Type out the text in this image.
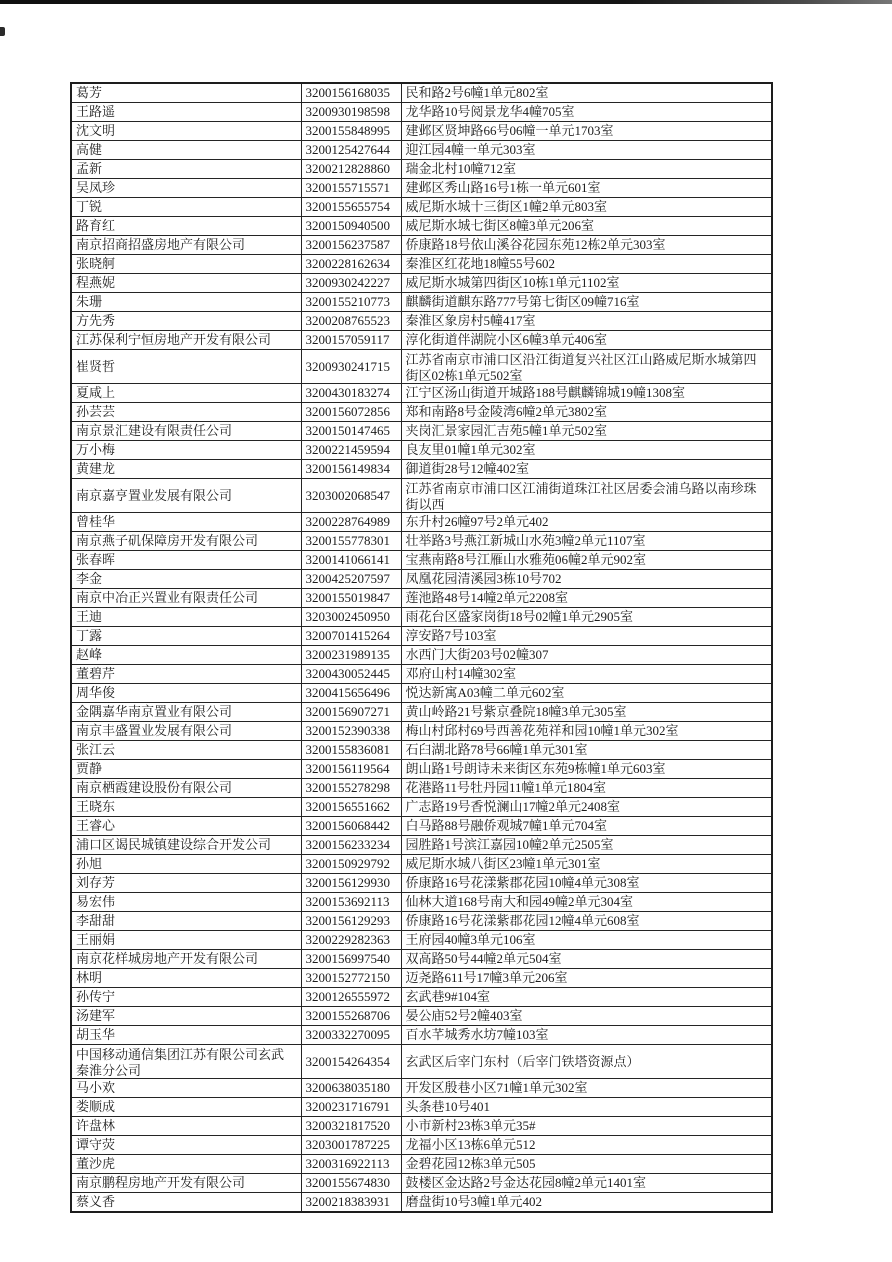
葛芳	3200156168035	民和路2号6幢1单元802室

王路遥	3200930198598	龙华路10号阅景龙华4幢705室

沈文明	3200155848995	建邺区贤坤路66号06幢一单元1703室

高健	3200125427644	迎江园4幢一单元303室

孟新	3200212828860	瑞金北村10幢712室

吴凤珍	3200155715571	建邺区秀山路16号1栋一单元601室

丁锐	3200155655754	威尼斯水城十三街区1幢2单元803室

路育红	3200150940500	威尼斯水城七街区8幢3单元206室

南京招商招盛房地产有限公司	3200156237587	侨康路18号依山溪谷花园东苑12栋2单元303室

张晓舸	3200228162634	秦淮区红花地18幢55号602

程燕妮	3200930242227	威尼斯水城第四街区10栋1单元1102室

朱珊	3200155210773	麒麟街道麒东路777号第七街区09幢716室

方先秀	3200208765523	秦淮区象房村5幢417室

江苏保利宁恒房地产开发有限公司	3200157059117	淳化街道伴湖院小区6幢3单元406室

崔贤哲	3200930241715	江苏省南京市浦口区沿江街道复兴社区江山路威尼斯水城第四街区02栋1单元502室

夏咸上	3200430183274	江宁区汤山街道开城路188号麒麟锦城19幢1308室

孙芸芸	3200156072856	郑和南路8号金陵湾6幢2单元3802室

南京景汇建设有限责任公司	3200150147465	夹岗汇景家园汇吉苑5幢1单元502室

万小梅	3200221459594	良友里01幢1单元302室

黄建龙	3200156149834	御道街28号12幢402室

南京嘉亨置业发展有限公司	3203002068547	江苏省南京市浦口区江浦街道珠江社区居委会浦乌路以南珍珠街以西

曾桂华	3200228764989	东升村26幢97号2单元402

南京燕子矶保障房开发有限公司	3200155778301	壮举路3号燕江新城山水苑3幢2单元1107室

张春晖	3200141066141	宝燕南路8号江雁山水雅苑06幢2单元902室

李金	3200425207597	凤凰花园清溪园3栋10号702

南京中冶正兴置业有限责任公司	3200155019847	莲池路48号14幢2单元2208室

王迪	3203002450950	雨花台区盛家岗街18号02幢1单元2905室

丁露	3200701415264	淳安路7号103室

赵峰	3200231989135	水西门大街203号02幢307

董碧芹	3200430052445	邓府山村14幢302室

周华俊	3200415656496	悦达新寓A03幢二单元602室

金隅嘉华南京置业有限公司	3200156907271	黄山岭路21号紫京叠院18幢3单元305室

南京丰盛置业发展有限公司	3200152390338	梅山村邱村69号西善花苑祥和园10幢1单元302室

张江云	3200155836081	石臼湖北路78号66幢1单元301室

贾静	3200156119564	朗山路1号朗诗未来街区东苑9栋幢1单元603室

南京栖霞建设股份有限公司	3200155278298	花港路11号牡丹园11幢1单元1804室

王晓东	3200156551662	广志路19号香悦澜山17幢2单元2408室

王睿心	3200156068442	白马路88号融侨观城7幢1单元704室

浦口区谒民城镇建设综合开发公司	3200156233234	园胜路1号滨江嘉园10幢2单元2505室

孙旭	3200150929792	威尼斯水城八街区23幢1单元301室

刘存芳	3200156129930	侨康路16号花漾紫郡花园10幢4单元308室

易宏伟	3200153692113	仙林大道168号南大和园49幢2单元304室

李甜甜	3200156129293	侨康路16号花漾紫郡花园12幢4单元608室

王丽娟	3200229282363	王府园40幢3单元106室

南京花样城房地产开发有限公司	3200156997540	双高路50号44幢2单元504室

林明	3200152772150	迈尧路611号17幢3单元206室

孙传宁	3200126555972	玄武巷9#104室

汤建军	3200155268706	晏公庙52号2幢403室

胡玉华	3200332270095	百水芊城秀水坊7幢103室

中国移动通信集团江苏有限公司玄武秦淮分公司	3200154264354	玄武区后宰门东村（后宰门铁塔资源点）

马小欢	3200638035180	开发区殷巷小区71幢1单元302室

娄顺成	3200231716791	头条巷10号401

许盘林	3200321817520	小市新村23栋3单元35#

谭守荧	3203001787225	龙福小区13栋6单元512

董沙虎	3200316922113	金碧花园12栋3单元505

南京鹏程房地产开发有限公司	3200155674830	鼓楼区金达路2号金达花园8幢2单元1401室

蔡义香	3200218383931	磨盘街10号3幢1单元402
